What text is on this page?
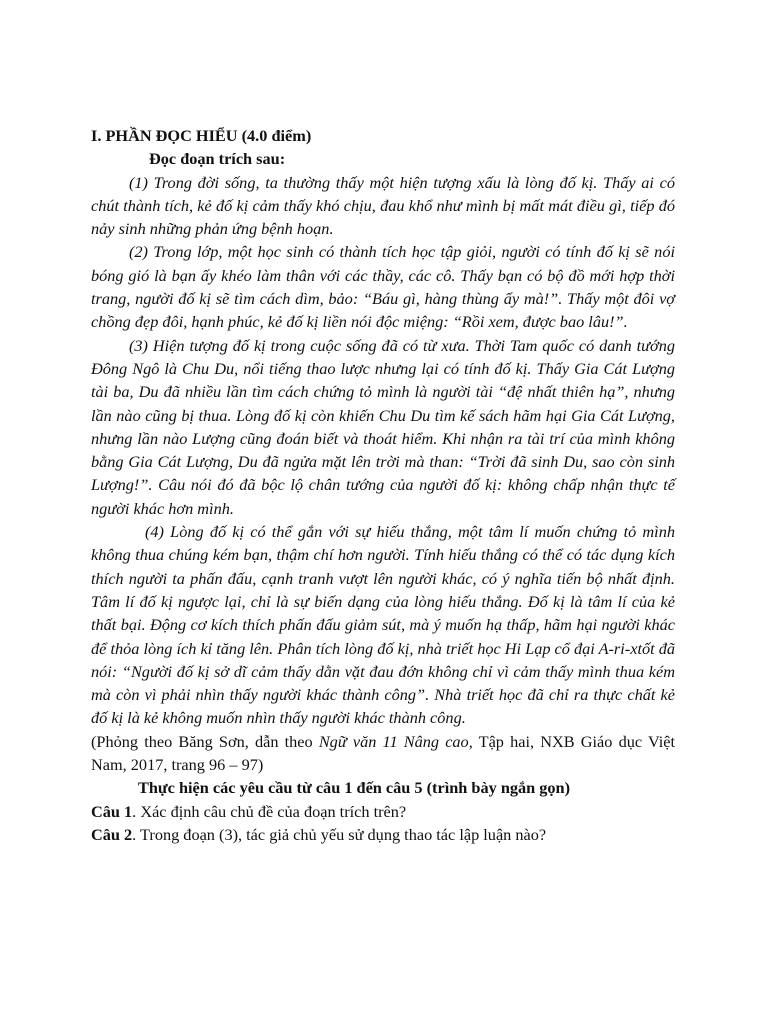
I. PHẦN ĐỌC HIỂU (4.0 điểm)
Đọc đoạn trích sau:
(1) Trong đời sống, ta thường thấy một hiện tượng xấu là lòng đố kị. Thấy ai có chút thành tích, kẻ đố kị cảm thấy khó chịu, đau khổ như mình bị mất mát điều gì, tiếp đó nảy sinh những phản ứng bệnh hoạn.
(2) Trong lớp, một học sinh có thành tích học tập giỏi, người có tính đố kị sẽ nói bóng gió là bạn ấy khéo làm thân với các thầy, các cô. Thấy bạn có bộ đồ mới hợp thời trang, người đố kị sẽ tìm cách dìm, bảo: “Báu gì, hàng thùng ấy mà!”. Thấy một đôi vợ chồng đẹp đôi, hạnh phúc, kẻ đố kị liền nói độc miệng: “Rồi xem, được bao lâu!”.
(3) Hiện tượng đố kị trong cuộc sống đã có từ xưa. Thời Tam quốc có danh tướng Đông Ngô là Chu Du, nổi tiếng thao lược nhưng lại có tính đố kị. Thấy Gia Cát Lượng tài ba, Du đã nhiều lần tìm cách chứng tỏ mình là người tài “đệ nhất thiên hạ”, nhưng lần nào cũng bị thua. Lòng đố kị còn khiến Chu Du tìm kế sách hãm hại Gia Cát Lượng, nhưng lần nào Lượng cũng đoán biết và thoát hiểm. Khi nhận ra tài trí của mình không bằng Gia Cát Lượng, Du đã ngửa mặt lên trời mà than: “Trời đã sinh Du, sao còn sinh Lượng!”. Câu nói đó đã bộc lộ chân tướng của người đố kị: không chấp nhận thực tế người khác hơn mình.
(4) Lòng đố kị có thể gắn với sự hiếu thắng, một tâm lí muốn chứng tỏ mình không thua chúng kém bạn, thậm chí hơn người. Tính hiếu thắng có thể có tác dụng kích thích người ta phấn đấu, cạnh tranh vượt lên người khác, có ý nghĩa tiến bộ nhất định. Tâm lí đố kị ngược lại, chỉ là sự biến dạng của lòng hiếu thắng. Đố kị là tâm lí của kẻ thất bại. Động cơ kích thích phấn đấu giảm sút, mà ý muốn hạ thấp, hãm hại người khác để thỏa lòng ích kỉ tăng lên. Phân tích lòng đố kị, nhà triết học Hi Lạp cổ đại A-ri-xtốt đã nói: “Người đố kị sở dĩ cảm thấy dằn vặt đau đớn không chỉ vì cảm thấy mình thua kém mà còn vì phải nhìn thấy người khác thành công”. Nhà triết học đã chỉ ra thực chất kẻ đố kị là kẻ không muốn nhìn thấy người khác thành công.
(Phỏng theo Băng Sơn, dẫn theo Ngữ văn 11 Nâng cao, Tập hai, NXB Giáo dục Việt Nam, 2017, trang 96 – 97)
Thực hiện các yêu cầu từ câu 1 đến câu 5 (trình bày ngắn gọn)
Câu 1. Xác định câu chủ đề của đoạn trích trên?
Câu 2. Trong đoạn (3), tác giả chủ yếu sử dụng thao tác lập luận nào?
